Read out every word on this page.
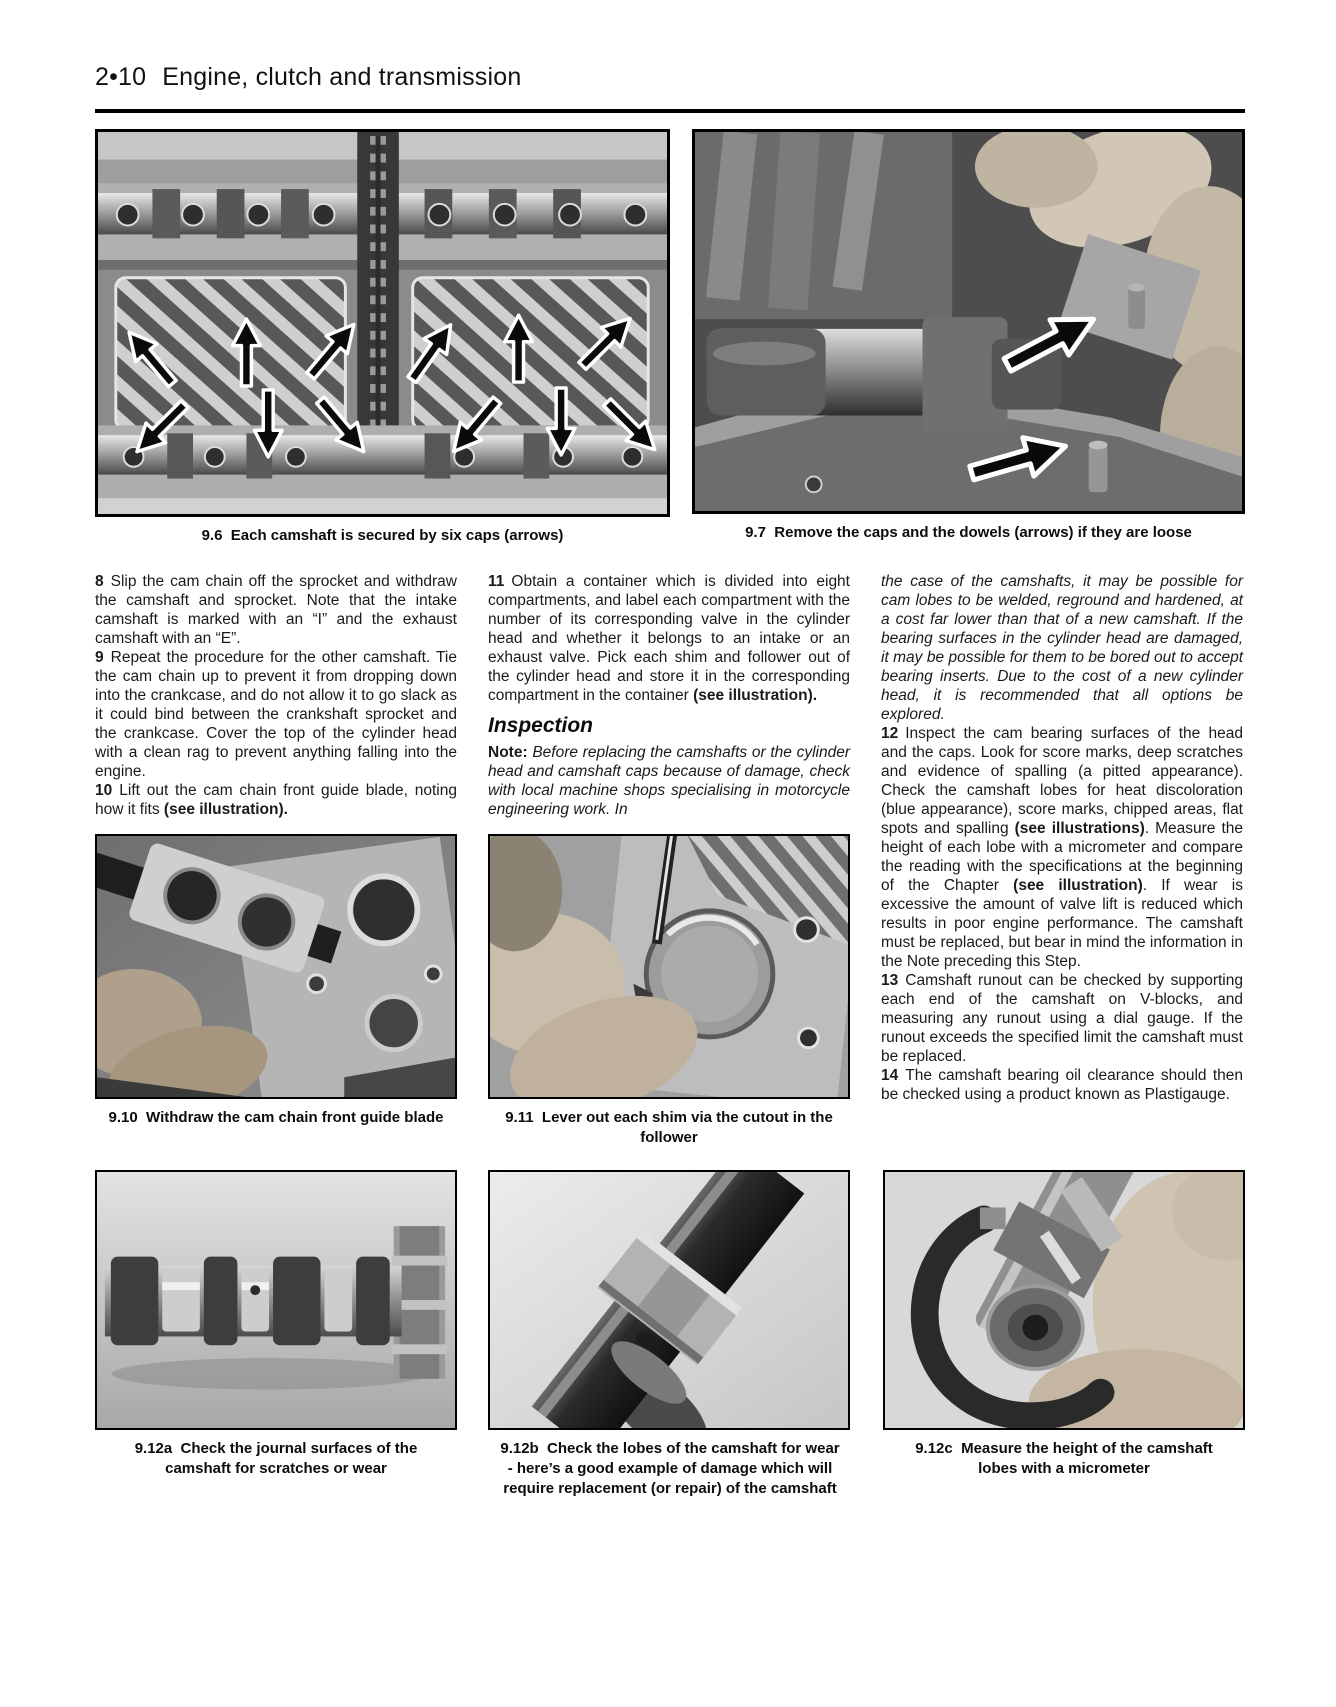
2•10 Engine, clutch and transmission
9.6  Each camshaft is secured by six caps (arrows)	9.7  Remove the caps and the dowels (arrows) if they are loose

8 Slip the cam chain off the sprocket and withdraw the camshaft and sprocket. Note that the intake camshaft is marked with an “I” and the exhaust camshaft with an “E”.

9 Repeat the procedure for the other camshaft. Tie the cam chain up to prevent it from dropping down into the crankcase, and do not allow it to go slack as it could bind between the crankshaft sprocket and the crankcase. Cover the top of the cylinder head with a clean rag to prevent anything falling into the engine.

10 Lift out the cam chain front guide blade, noting how it fits (see illustration).

9.10  Withdraw the cam chain front guide blade

11 Obtain a container which is divided into eight compartments, and label each compartment with the number of its corresponding valve in the cylinder head and whether it belongs to an intake or an exhaust valve. Pick each shim and follower out of the cylinder head and store it in the corresponding compartment in the container (see illustration).

Inspection

Note: Before replacing the camshafts or the cylinder head and camshaft caps because of damage, check with local machine shops specialising in motorcycle engineering work. In

9.11  Lever out each shim via the cutout in the follower

the case of the camshafts, it may be possible for cam lobes to be welded, reground and hardened, at a cost far lower than that of a new camshaft. If the bearing surfaces in the cylinder head are damaged, it may be possible for them to be bored out to accept bearing inserts. Due to the cost of a new cylinder head, it is recommended that all options be explored.

12 Inspect the cam bearing surfaces of the head and the caps. Look for score marks, deep scratches and evidence of spalling (a pitted appearance). Check the camshaft lobes for heat discoloration (blue appearance), score marks, chipped areas, flat spots and spalling (see illustrations). Measure the height of each lobe with a micrometer and compare the reading with the specifications at the beginning of the Chapter (see illustration). If wear is excessive the amount of valve lift is reduced which results in poor engine performance. The camshaft must be replaced, but bear in mind the information in the Note preceding this Step.

13 Camshaft runout can be checked by supporting each end of the camshaft on V-blocks, and measuring any runout using a dial gauge. If the runout exceeds the specified limit the camshaft must be replaced.

14 The camshaft bearing oil clearance should then be checked using a product known as Plastigauge.

9.12a  Check the journal surfaces of the camshaft for scratches or wear
9.12b  Check the lobes of the camshaft for wear - here’s a good example of damage which will require replacement (or repair) of the camshaft
9.12c  Measure the height of the camshaft lobes with a micrometer
